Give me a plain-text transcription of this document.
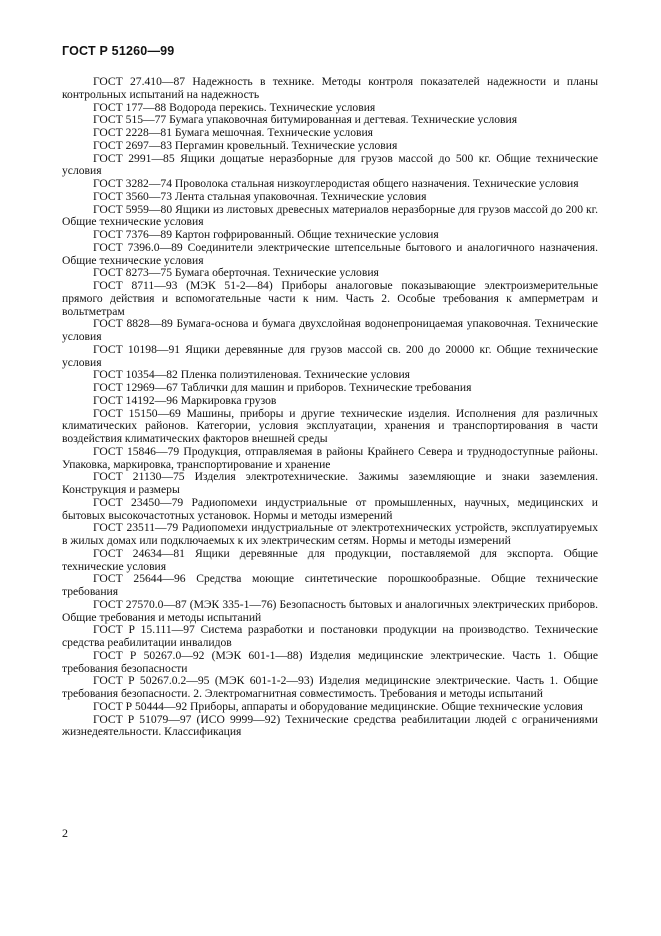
ГОСТ Р 51260—99

ГОСТ 27.410—87 Надежность в технике. Методы контроля показателей надежности и планы контрольных испытаний на надежность

ГОСТ 177—88 Водорода перекись. Технические условия

ГОСТ 515—77 Бумага упаковочная битумированная и дегтевая. Технические условия

ГОСТ 2228—81 Бумага мешочная. Технические условия

ГОСТ 2697—83 Пергамин кровельный. Технические условия

ГОСТ 2991—85 Ящики дощатые неразборные для грузов массой до 500 кг. Общие технические условия

ГОСТ 3282—74 Проволока стальная низкоуглеродистая общего назначения. Технические условия

ГОСТ 3560—73 Лента стальная упаковочная. Технические условия

ГОСТ 5959—80 Ящики из листовых древесных материалов неразборные для грузов массой до 200 кг. Общие технические условия

ГОСТ 7376—89 Картон гофрированный. Общие технические условия

ГОСТ 7396.0—89 Соединители электрические штепсельные бытового и аналогичного назначения. Общие технические условия

ГОСТ 8273—75 Бумага оберточная. Технические условия

ГОСТ 8711—93 (МЭК 51-2—84) Приборы аналоговые показывающие электроизмерительные прямого действия и вспомогательные части к ним. Часть 2. Особые требования к амперметрам и вольтметрам

ГОСТ 8828—89 Бумага-основа и бумага двухслойная водонепроницаемая упаковочная. Технические условия

ГОСТ 10198—91 Ящики деревянные для грузов массой св. 200 до 20000 кг. Общие технические условия

ГОСТ 10354—82 Пленка полиэтиленовая. Технические условия

ГОСТ 12969—67 Таблички для машин и приборов. Технические требования

ГОСТ 14192—96 Маркировка грузов

ГОСТ 15150—69 Машины, приборы и другие технические изделия. Исполнения для различных климатических районов. Категории, условия эксплуатации, хранения и транспортирования в части воздействия климатических факторов внешней среды

ГОСТ 15846—79 Продукция, отправляемая в районы Крайнего Севера и труднодоступные районы. Упаковка, маркировка, транспортирование и хранение

ГОСТ 21130—75 Изделия электротехнические. Зажимы заземляющие и знаки заземления. Конструкция и размеры

ГОСТ 23450—79 Радиопомехи индустриальные от промышленных, научных, медицинских и бытовых высокочастотных установок. Нормы и методы измерений

ГОСТ 23511—79 Радиопомехи индустриальные от электротехнических устройств, эксплуатируемых в жилых домах или подключаемых к их электрическим сетям. Нормы и методы измерений

ГОСТ 24634—81 Ящики деревянные для продукции, поставляемой для экспорта. Общие технические условия

ГОСТ 25644—96 Средства моющие синтетические порошкообразные. Общие технические требования

ГОСТ 27570.0—87 (МЭК 335-1—76) Безопасность бытовых и аналогичных электрических приборов. Общие требования и методы испытаний

ГОСТ Р 15.111—97 Система разработки и постановки продукции на производство. Технические средства реабилитации инвалидов

ГОСТ Р 50267.0—92 (МЭК 601-1—88) Изделия медицинские электрические. Часть 1. Общие требования безопасности

ГОСТ Р 50267.0.2—95 (МЭК 601-1-2—93) Изделия медицинские электрические. Часть 1. Общие требования безопасности. 2. Электромагнитная совместимость. Требования и методы испытаний

ГОСТ Р 50444—92 Приборы, аппараты и оборудование медицинские. Общие технические условия

ГОСТ Р 51079—97 (ИСО 9999—92) Технические средства реабилитации людей с ограничениями жизнедеятельности. Классификация

2
